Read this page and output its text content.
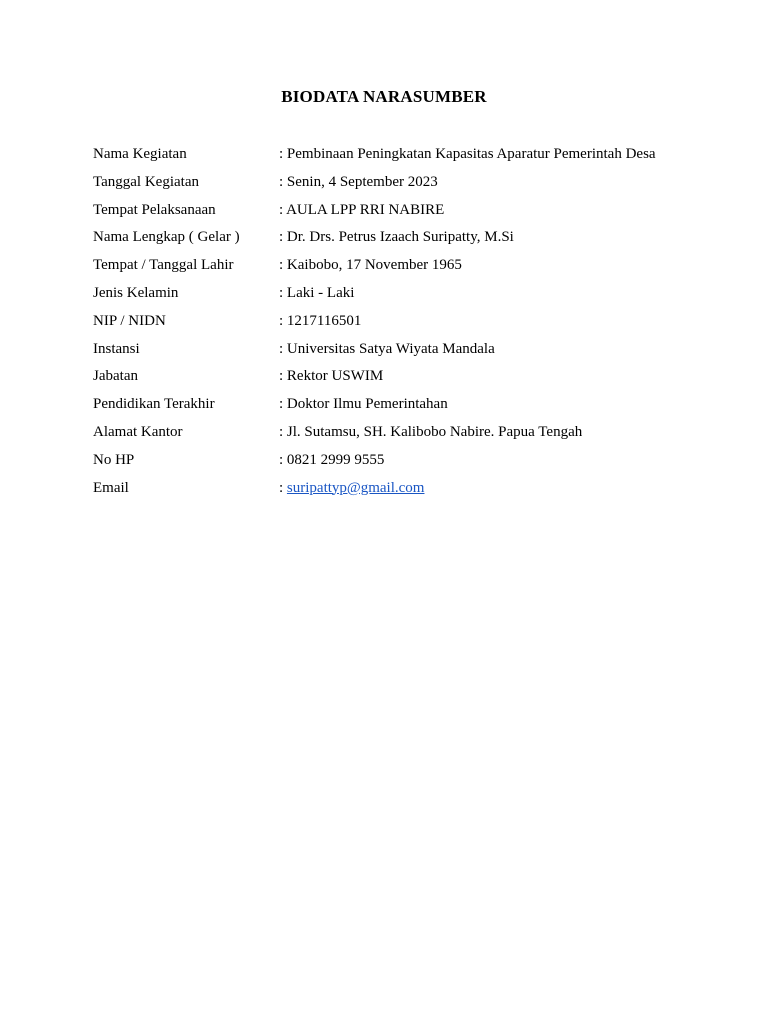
BIODATA NARASUMBER
Nama Kegiatan	: Pembinaan Peningkatan Kapasitas Aparatur Pemerintah Desa
Tanggal Kegiatan	: Senin, 4 September 2023
Tempat Pelaksanaan	: AULA LPP RRI NABIRE
Nama Lengkap ( Gelar )	: Dr. Drs. Petrus Izaach Suripatty, M.Si
Tempat / Tanggal Lahir	: Kaibobo, 17 November 1965
Jenis Kelamin	: Laki - Laki
NIP / NIDN	: 1217116501
Instansi	: Universitas Satya Wiyata Mandala
Jabatan	: Rektor USWIM
Pendidikan Terakhir	: Doktor Ilmu Pemerintahan
Alamat Kantor	: Jl. Sutamsu, SH. Kalibobo Nabire. Papua Tengah
No HP	: 0821 2999 9555
Email	: suripattyp@gmail.com
